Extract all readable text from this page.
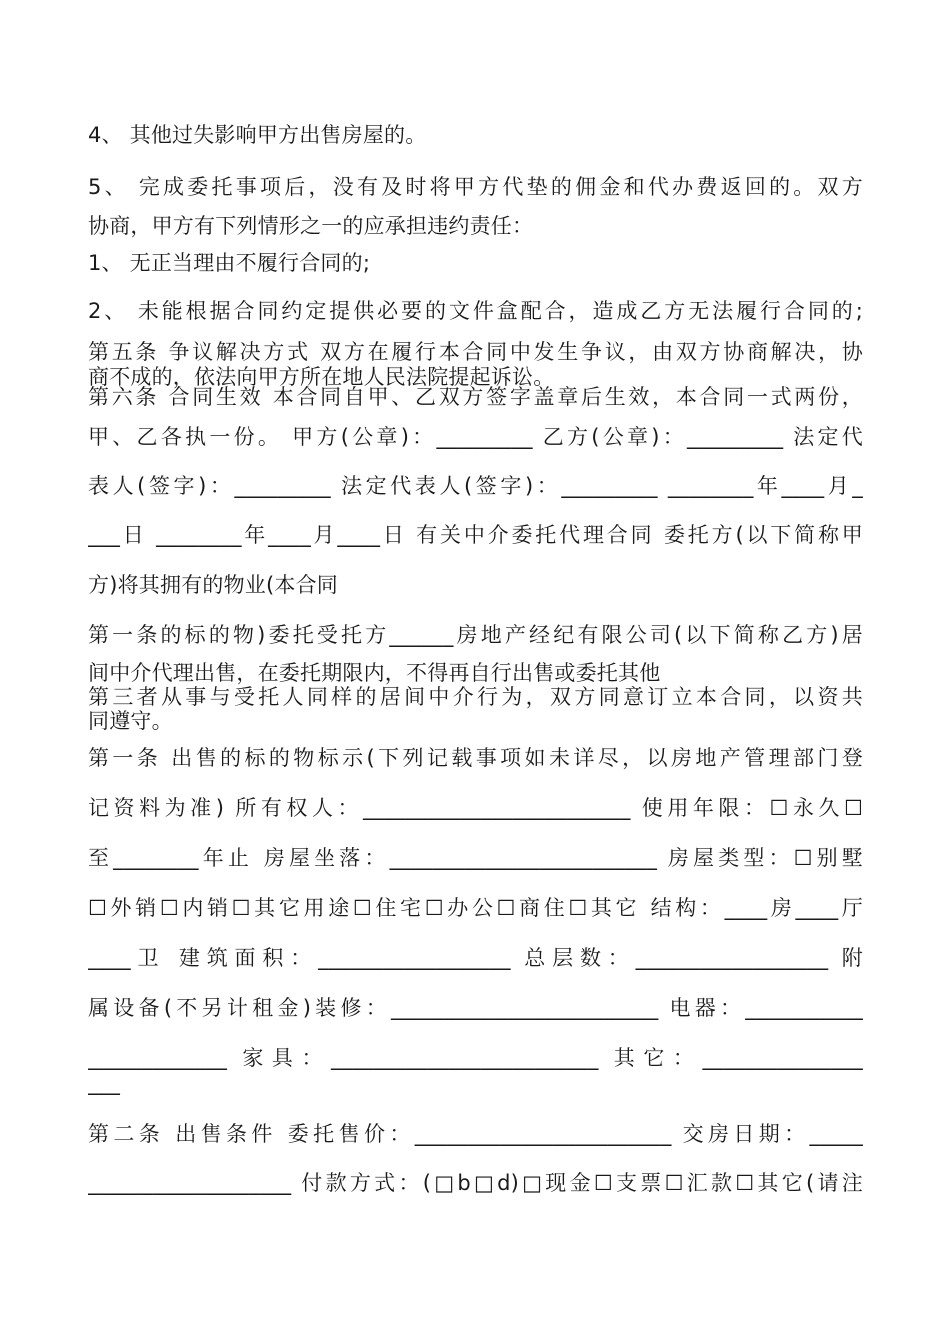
4、 其他过失影响甲方出售房屋的。
5、 完成委托事项后，没有及时将甲方代垫的佣金和代办费返回的。双方
协商，甲方有下列情形之一的应承担违约责任：
1、 无正当理由不履行合同的;
2、 未能根据合同约定提供必要的文件盒配合，造成乙方无法履行合同的;
第五条 争议解决方式 双方在履行本合同中发生争议，由双方协商解决，协
商不成的，依法向甲方所在地人民法院提起诉讼。
第六条 合同生效 本合同自甲、乙双方签字盖章后生效，本合同一式两份，
甲、乙各执一份。 甲方(公章)：_________ 乙方(公章)：_________ 法定代
表人(签字)：_________ 法定代表人(签字)：_________ ________年____月_
___日 ________年____月____日 有关中介委托代理合同 委托方(以下简称甲
方)将其拥有的物业(本合同
第一条的标的物)委托受托方______房地产经纪有限公司(以下简称乙方)居
间中介代理出售，在委托期限内，不得再自行出售或委托其他
第三者从事与受托人同样的居间中介行为，双方同意订立本合同，以资共
同遵守。
第一条 出售的标的物标示(下列记载事项如未详尽，以房地产管理部门登
记资料为准) 所有权人：_________________________ 使用年限：☐永久☐
至________年止 房屋坐落：_________________________ 房屋类型：☐别墅
☐外销☐内销☐其它用途☐住宅☐办公☐商住☐其它 结构：____房____厅
____卫 建筑面积：__________________ 总层数：__________________ 附
属设备(不另计租金)装修：_________________________ 电器：___________
_____________ 家具：_________________________ 其它：_______________
___
第二条 出售条件 委托售价：________________________ 交房日期：_____
___________________ 付款方式：(□b□d)□现金☐支票☐汇款☐其它(请注
